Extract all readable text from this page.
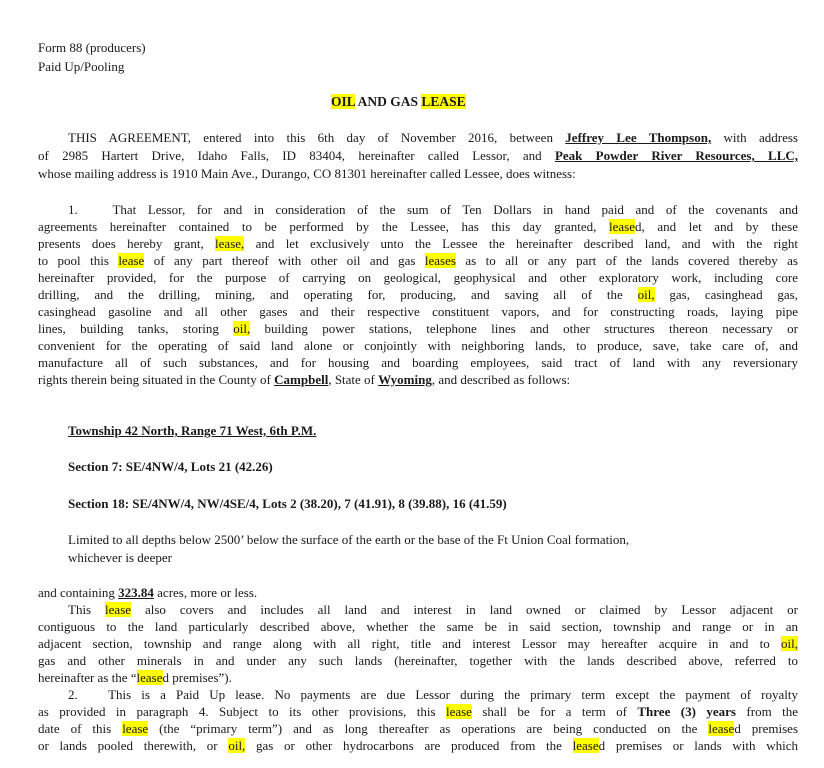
Form 88 (producers)
Paid Up/Pooling
OIL AND GAS LEASE
THIS AGREEMENT, entered into this 6th day of November 2016, between Jeffrey Lee Thompson, with address
of 2985 Hartert Drive, Idaho Falls, ID 83404, hereinafter called Lessor, and Peak Powder River Resources, LLC,
whose mailing address is 1910 Main Ave., Durango, CO 81301 hereinafter called Lessee, does witness:
1.   That Lessor, for and in consideration of the sum of Ten Dollars in hand paid and of the covenants and
agreements hereinafter contained to be performed by the Lessee, has this day granted, leased, and let and by these
presents does hereby grant, lease, and let exclusively unto the Lessee the hereinafter described land, and with the right
to pool this lease of any part thereof with other oil and gas leases as to all or any part of the lands covered thereby as
hereinafter provided, for the purpose of carrying on geological, geophysical and other exploratory work, including core
drilling, and the drilling, mining, and operating for, producing, and saving all of the oil, gas, casinghead gas,
casinghead gasoline and all other gases and their respective constituent vapors, and for constructing roads, laying pipe
lines, building tanks, storing oil, building power stations, telephone lines and other structures thereon necessary or
convenient for the operating of said land alone or conjointly with neighboring lands, to produce, save, take care of, and
manufacture all of such substances, and for housing and boarding employees, said tract of land with any reversionary
rights therein being situated in the County of Campbell, State of Wyoming, and described as follows:
Township 42 North, Range 71 West, 6th P.M.
Section 7: SE/4NW/4, Lots 21 (42.26)
Section 18: SE/4NW/4, NW/4SE/4, Lots 2 (38.20), 7 (41.91), 8 (39.88), 16 (41.59)
Limited to all depths below 2500’ below the surface of the earth or the base of the Ft Union Coal formation,
whichever is deeper
and containing 323.84 acres, more or less.
This lease also covers and includes all land and interest in land owned or claimed by Lessor adjacent or
contiguous to the land particularly described above, whether the same be in said section, township and range or in an
adjacent section, township and range along with all right, title and interest Lessor may hereafter acquire in and to oil,
gas and other minerals in and under any such lands (hereinafter, together with the lands described above, referred to
hereinafter as the “leased premises”).
2.   This is a Paid Up lease. No payments are due Lessor during the primary term except the payment of royalty
as provided in paragraph 4. Subject to its other provisions, this lease shall be for a term of Three (3) years from the
date of this lease (the “primary term”) and as long thereafter as operations are being conducted on the leased premises
or lands pooled therewith, or oil, gas or other hydrocarbons are produced from the leased premises or lands with which
